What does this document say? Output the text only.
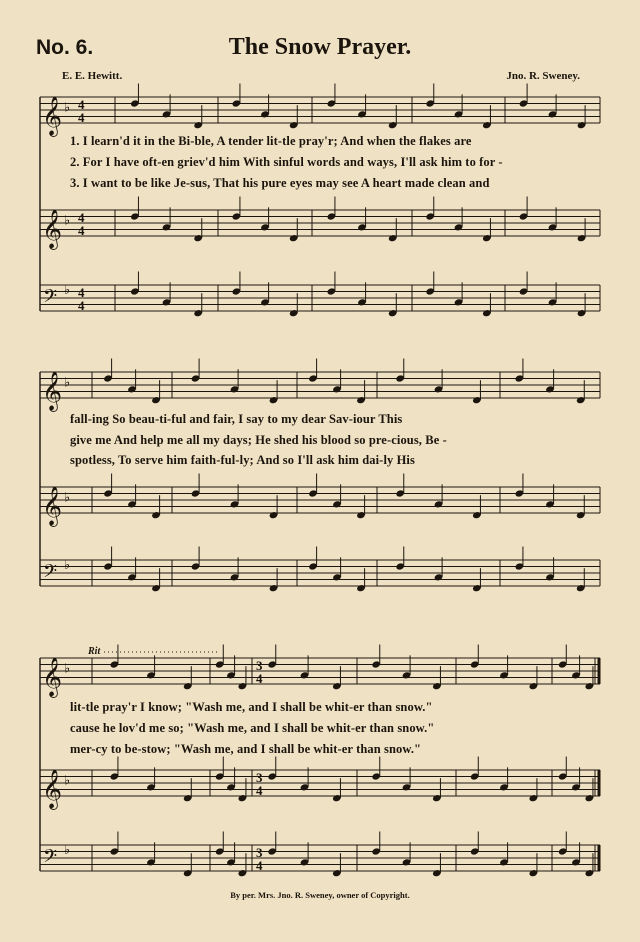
No. 6.	The Snow Prayer.
E. E. Hewitt.	Jno. R. Sweney.
𝄞 ♭ 4
4
𝄞 ♭ 4
4
𝄢 ♭ 4
4
𝄞 ♭
𝄞 ♭
𝄢 ♭
𝄞 ♭
𝄞 ♭
𝄢 ♭
Rit
3
4
3
4
3
4
1. I learn'd it in the Bi-ble, A tender lit-tle pray'r; And when the flakes are
2. For I have oft-en griev'd him With sinful words and ways, I'll ask him to for -
3. I want to be like Je-sus, That his pure eyes may see A heart made clean and
fall-ing So beau-ti-ful and fair, I say to my dear Sav-iour This
give me And help me all my days; He shed his blood so pre-cious, Be -
spotless, To serve him faith-ful-ly; And so I'll ask him dai-ly His
lit-tle pray'r I know; "Wash me, and I shall be whit-er than snow."
cause he lov'd me so; "Wash me, and I shall be whit-er than snow."
mer-cy to be-stow; "Wash me, and I shall be whit-er than snow."
By per. Mrs. Jno. R. Sweney, owner of Copyright.
